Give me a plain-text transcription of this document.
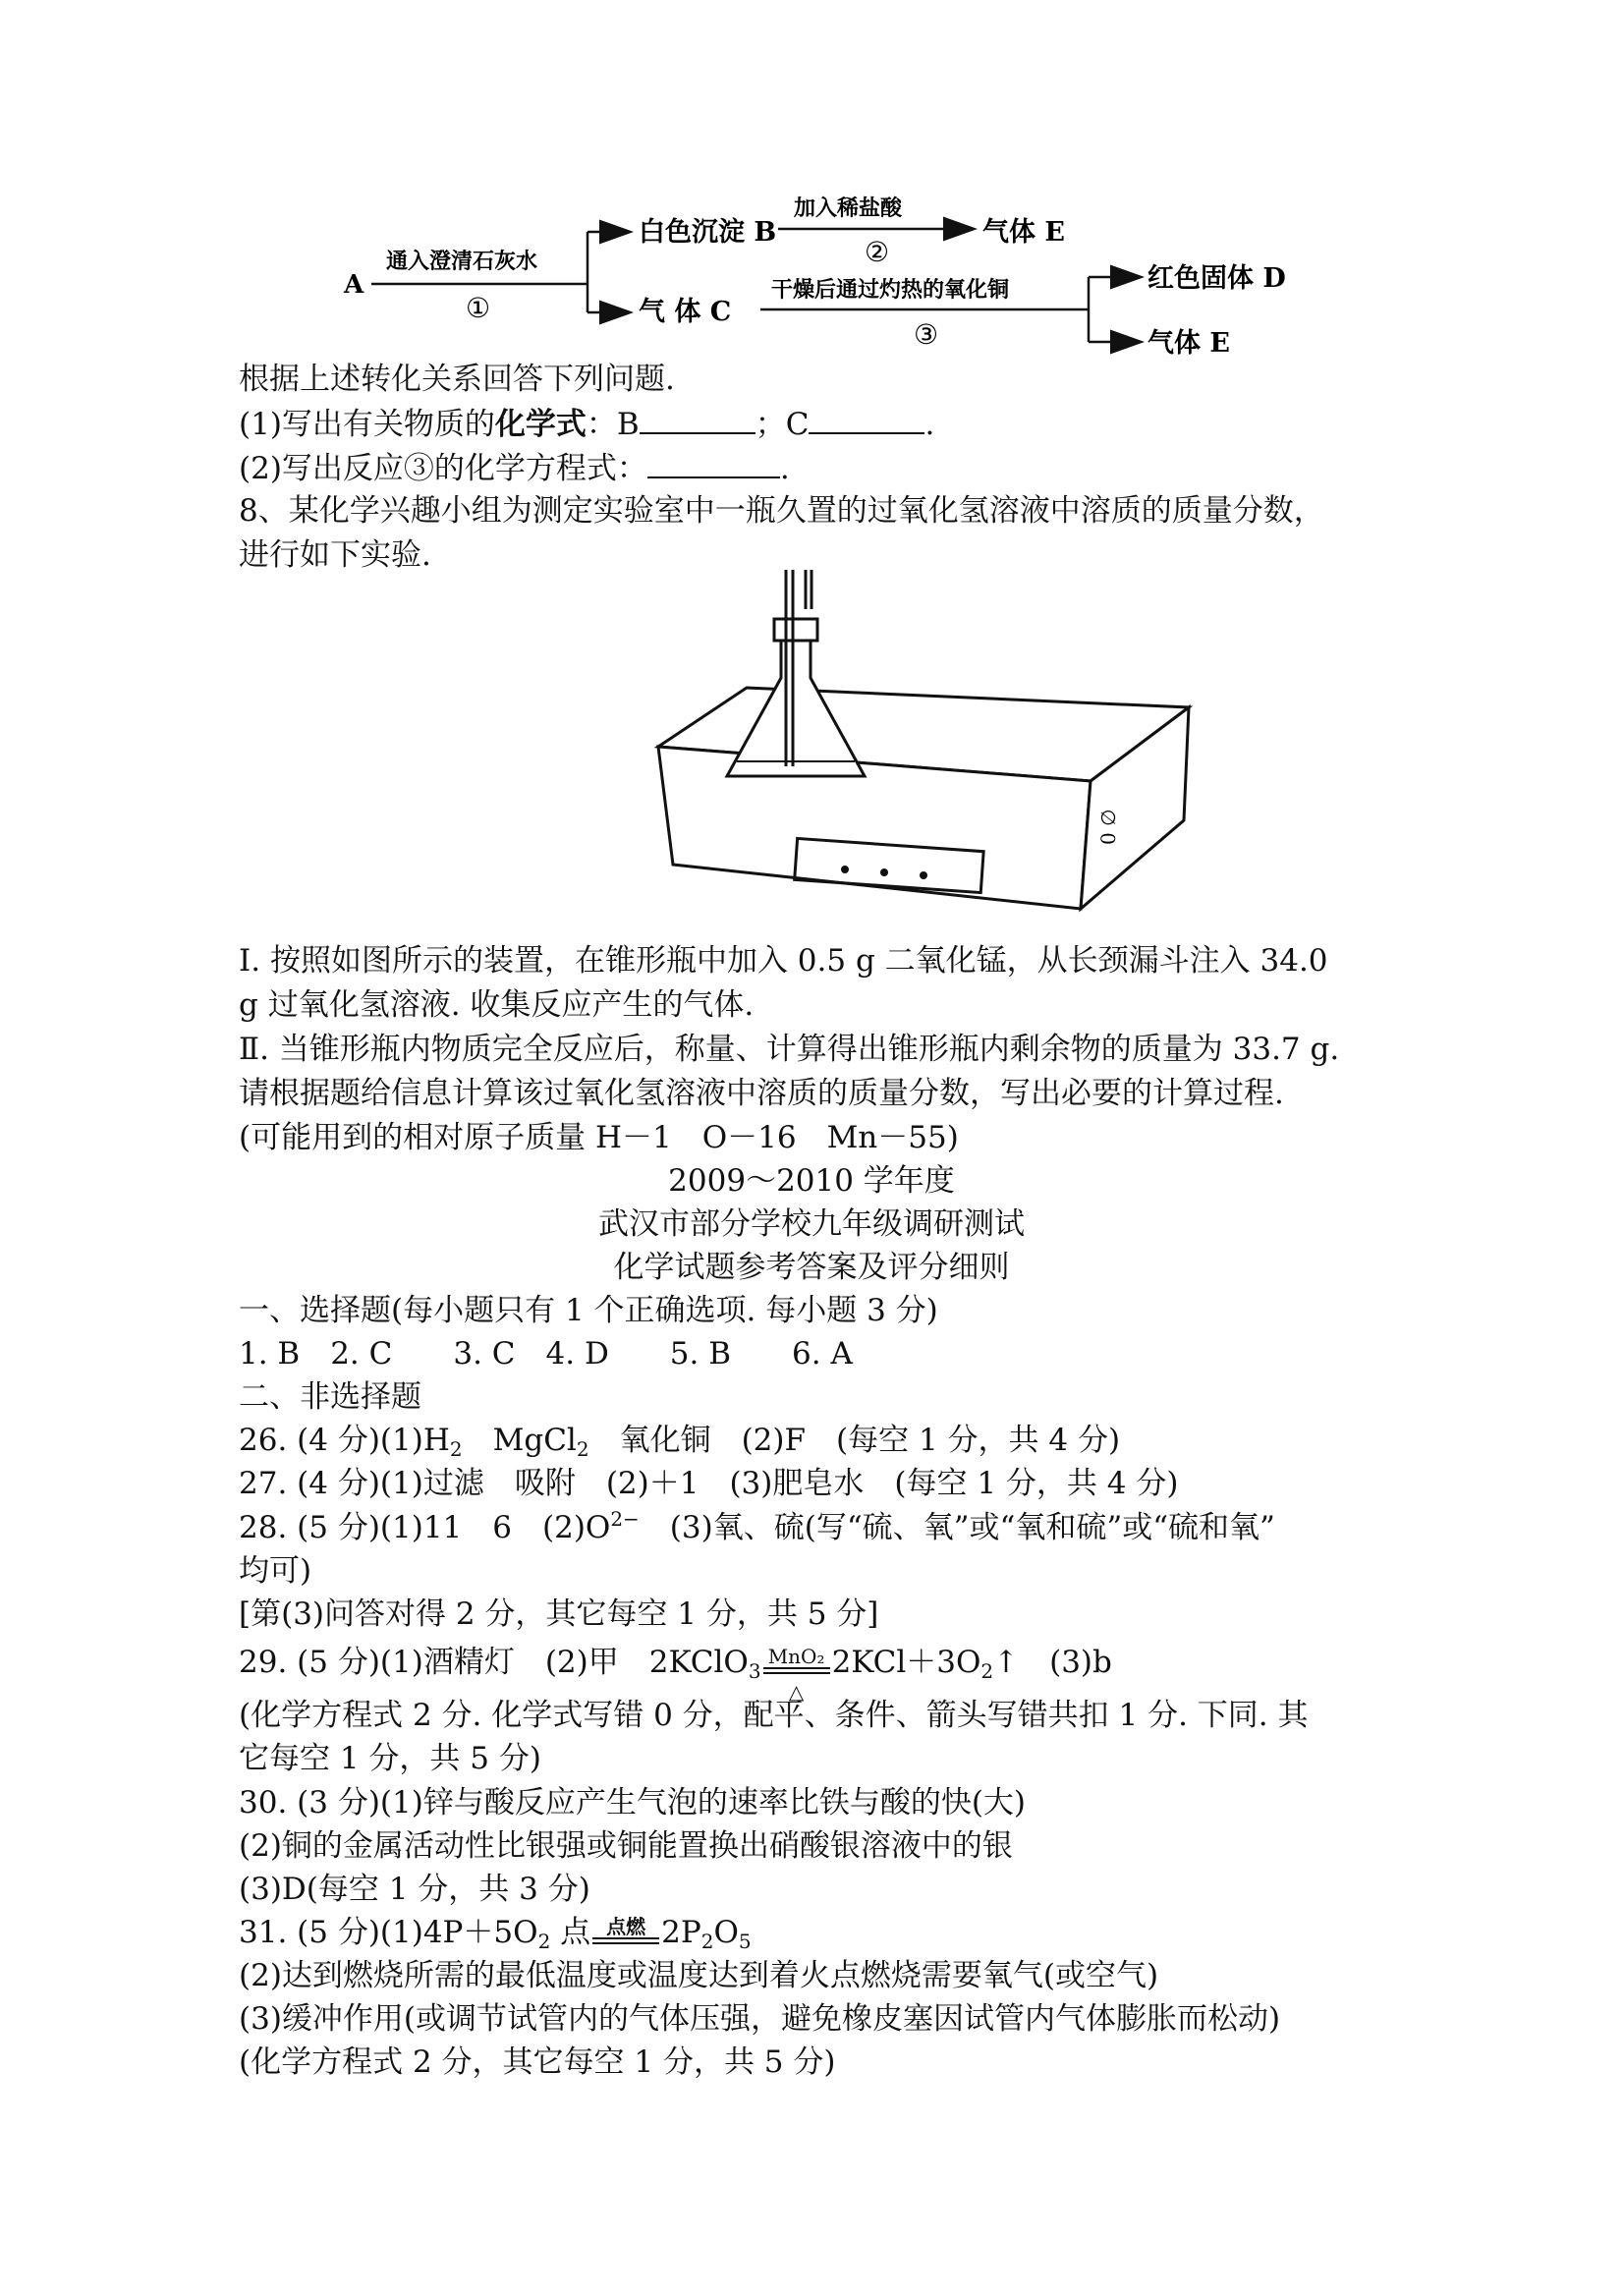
A
通入澄清石灰水
①
白色沉淀 B
加入稀盐酸
②
气体 E
气 体 C
干燥后通过灼热的氧化铜
③
红色固体 D
气体 E
根据上述转化关系回答下列问题.
(1)写出有关物质的化学式：B	；C	.
(2)写出反应③的化学方程式：	.
8、某化学兴趣小组为测定实验室中一瓶久置的过氧化氢溶液中溶质的质量分数，
进行如下实验.
0 ∅
Ⅰ. 按照如图所示的装置，在锥形瓶中加入 0.5 g 二氧化锰，从长颈漏斗注入 34.0
g 过氧化氢溶液. 收集反应产生的气体.
Ⅱ. 当锥形瓶内物质完全反应后，称量、计算得出锥形瓶内剩余物的质量为 33.7 g.
请根据题给信息计算该过氧化氢溶液中溶质的质量分数，写出必要的计算过程.
(可能用到的相对原子质量 H－1　O－16　Mn－55)
2009～2010 学年度
武汉市部分学校九年级调研测试
化学试题参考答案及评分细则
一、选择题(每小题只有 1 个正确选项. 每小题 3 分)
1. B　2. C　　3. C　4. D　　5. B　　6. A
二、非选择题
26. (4 分)$(1)H_2$　MgCl$_2$　氧化铜　(2)F　(每空 1 分，共 4 分)
27. (4 分)(1)过滤　吸附　(2)＋1　(3)肥皂水　(每空 1 分，共 4 分)
28. (5 分)(1)11　6　$(2)O^{2-}$　(3)氧、硫(写“硫、氧”或“氧和硫”或“硫和氧”
均可)
[第(3)问答对得 2 分，其它每空 1 分，共 5 分]
29. (5 分)(1)酒精灯　(2)甲　2KClO$_3$
MnO₂
△
$2KCl+3O_2↑$　(3)b
(化学方程式 2 分. 化学式写错 0 分，配平、条件、箭头写错共扣 1 分. 下同. 其
它每空 1 分，共 5 分)
30. (3 分)(1)锌与酸反应产生气泡的速率比铁与酸的快(大)
(2)铜的金属活动性比银强或铜能置换出硝酸银溶液中的银
(3)D(每空 1 分，共 3 分)
31. (5 分)$(1)4P+5O_2$ 点 点燃 $2P_2O_5$
(2)达到燃烧所需的最低温度或温度达到着火点燃烧需要氧气(或空气)
(3)缓冲作用(或调节试管内的气体压强，避免橡皮塞因试管内气体膨胀而松动)
(化学方程式 2 分，其它每空 1 分，共 5 分)
